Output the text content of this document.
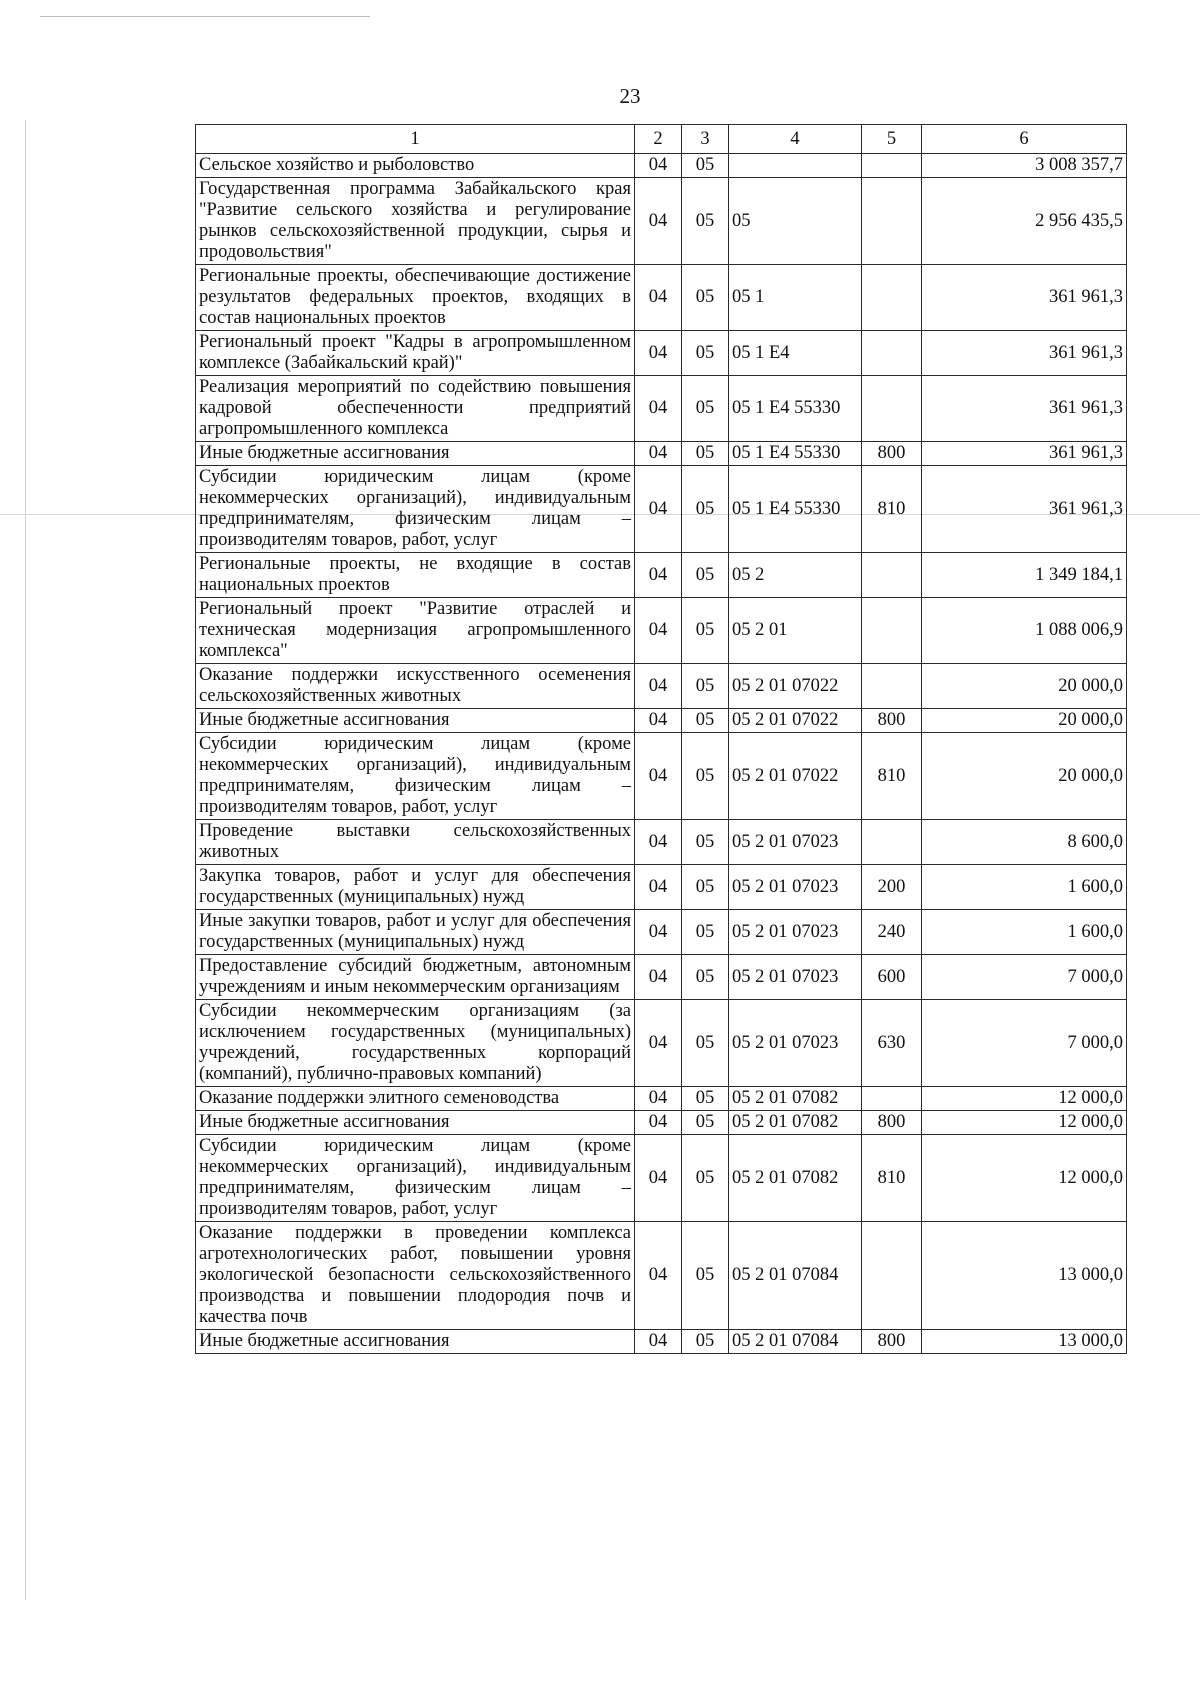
23
1	2	3	4	5	6
Сельское хозяйство и рыболовство	04	05			3 008 357,7
Государственная программа Забайкальского края "Развитие сельского хозяйства и регулирование рынков сельскохозяйственной продукции, сырья и продовольствия"	04	05	05		2 956 435,5
Региональные проекты, обеспечивающие достижение результатов федеральных проектов, входящих в состав национальных проектов	04	05	05 1		361 961,3
Региональный проект "Кадры в агропромышленном комплексе (Забайкальский край)"	04	05	05 1 Е4		361 961,3
Реализация мероприятий по содействию повышения кадровой обеспеченности предприятий агропромышленного комплекса	04	05	05 1 Е4 55330		361 961,3
Иные бюджетные ассигнования	04	05	05 1 Е4 55330	800	361 961,3
Субсидии юридическим лицам (кроме некоммерческих организаций), индивидуальным предпринимателям, физическим лицам – производителям товаров, работ, услуг	04	05	05 1 Е4 55330	810	361 961,3
Региональные проекты, не входящие в состав национальных проектов	04	05	05 2		1 349 184,1
Региональный проект "Развитие отраслей и техническая модернизация агропромышленного комплекса"	04	05	05 2 01		1 088 006,9
Оказание поддержки искусственного осеменения сельскохозяйственных животных	04	05	05 2 01 07022		20 000,0
Иные бюджетные ассигнования	04	05	05 2 01 07022	800	20 000,0
Субсидии юридическим лицам (кроме некоммерческих организаций), индивидуальным предпринимателям, физическим лицам – производителям товаров, работ, услуг	04	05	05 2 01 07022	810	20 000,0
Проведение выставки сельскохозяйственных животных	04	05	05 2 01 07023		8 600,0
Закупка товаров, работ и услуг для обеспечения государственных (муниципальных) нужд	04	05	05 2 01 07023	200	1 600,0
Иные закупки товаров, работ и услуг для обеспечения государственных (муниципальных) нужд	04	05	05 2 01 07023	240	1 600,0
Предоставление субсидий бюджетным, автономным учреждениям и иным некоммерческим организациям	04	05	05 2 01 07023	600	7 000,0
Субсидии некоммерческим организациям (за исключением государственных (муниципальных) учреждений, государственных корпораций (компаний), публично-правовых компаний)	04	05	05 2 01 07023	630	7 000,0
Оказание поддержки элитного семеноводства	04	05	05 2 01 07082		12 000,0
Иные бюджетные ассигнования	04	05	05 2 01 07082	800	12 000,0
Субсидии юридическим лицам (кроме некоммерческих организаций), индивидуальным предпринимателям, физическим лицам – производителям товаров, работ, услуг	04	05	05 2 01 07082	810	12 000,0
Оказание поддержки в проведении комплекса агротехнологических работ, повышении уровня экологической безопасности сельскохозяйственного производства и повышении плодородия почв и качества почв	04	05	05 2 01 07084		13 000,0
Иные бюджетные ассигнования	04	05	05 2 01 07084	800	13 000,0
